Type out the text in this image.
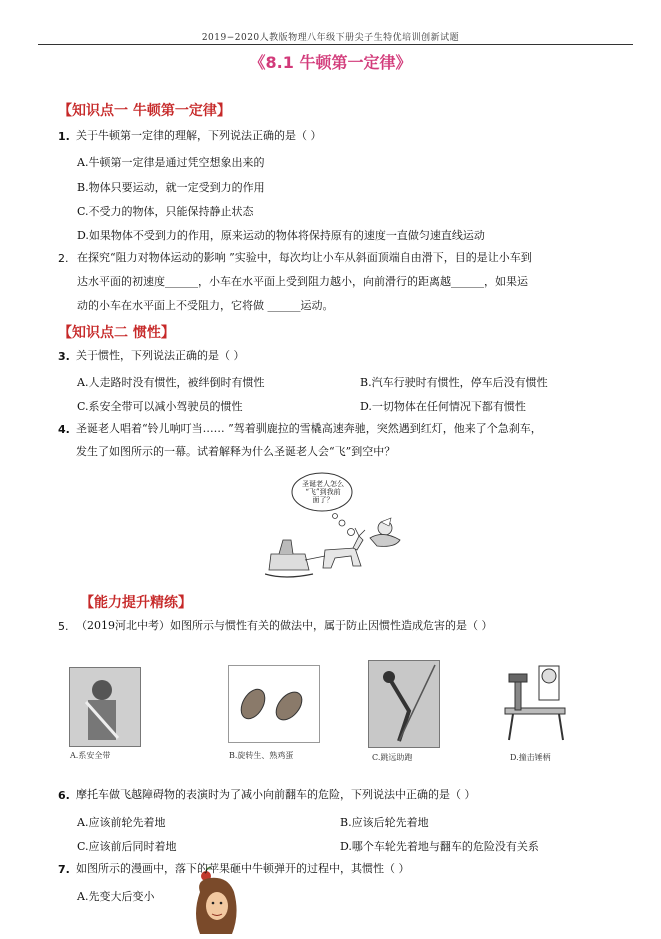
2019−2020人教版物理八年级下册尖子生特优培训创新试题
《8.1 牛顿第一定律》
【知识点一 牛顿第一定律】
1. 关于牛顿第一定律的理解，下列说法正确的是（ ）
A.牛顿第一定律是通过凭空想象出来的
B.物体只要运动，就一定受到力的作用
C.不受力的物体，只能保持静止状态
D.如果物体不受到力的作用，原来运动的物体将保持原有的速度一直做匀速直线运动
2. 在探究“阻力对物体运动的影响 ”实验中，每次均让小车从斜面顶端自由滑下，目的是让小车到
达水平面的初速度______，小车在水平面上受到阻力越小，向前滑行的距离越______，如果运
动的小车在水平面上不受阻力，它将做 ______运动。
【知识点二 惯性】
3. 关于惯性，下列说法正确的是（ ）
A.人走路时没有惯性，被绊倒时有惯性	B.汽车行驶时有惯性，停车后没有惯性
C.系安全带可以减小驾驶员的惯性	D.一切物体在任何情况下都有惯性
4. 圣诞老人唱着“铃儿响叮当…… ”驾着驯鹿拉的雪橇高速奔驰，突然遇到红灯，他来了个急刹车，
发生了如图所示的一幕。试着解释为什么圣诞老人会“飞”到空中？
圣诞老人怎么
“飞”到我前
面了？
【能力提升精练】
5. （2019河北中考）如图所示与惯性有关的做法中，属于防止因惯性造成危害的是（ ）
A.系安全带	B.旋转生、熟鸡蛋	C.跳远助跑	D.撞击锤柄
6. 摩托车做飞越障碍物的表演时为了减小向前翻车的危险，下列说法中正确的是（ ）
A.应该前轮先着地	B.应该后轮先着地
C.应该前后同时着地	D.哪个车轮先着地与翻车的危险没有关系
7. 如图所示的漫画中，落下的苹果砸中牛顿弹开的过程中，其惯性（ ）
A.先变大后变小
